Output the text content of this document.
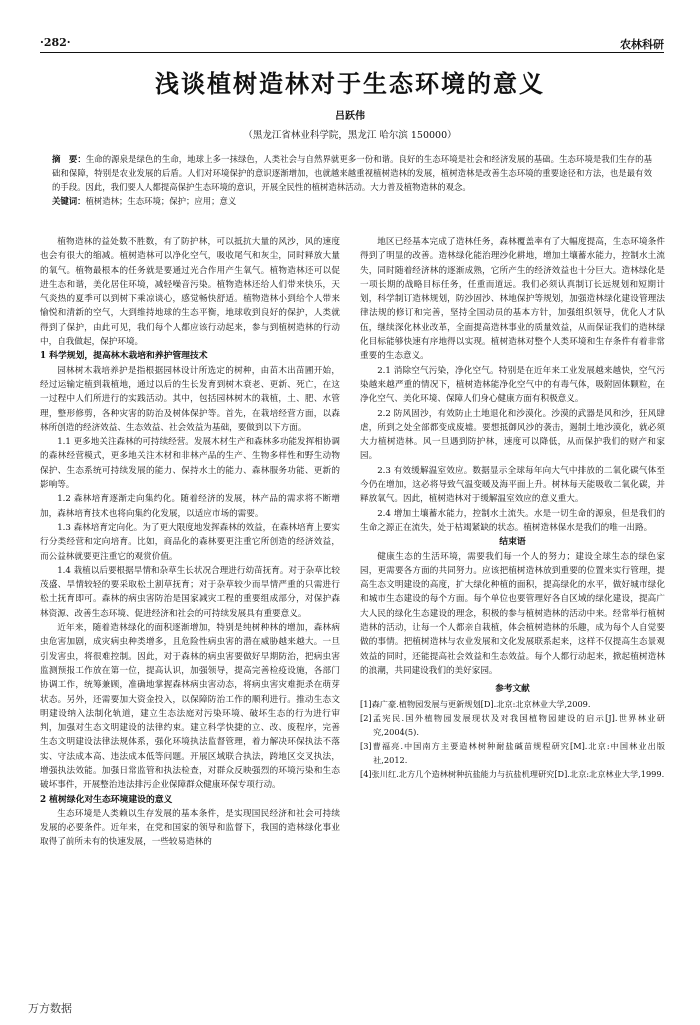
·282·	农林科研
浅谈植树造林对于生态环境的意义
吕跃伟
（黑龙江省林业科学院，黑龙江 哈尔滨 150000）
摘　要：生命的源泉是绿色的生命，地球上多一抹绿色，人类社会与自然界就更多一份和谐。良好的生态环境是社会和经济发展的基础。生态环境是我们生存的基础和保障，特别是农业发展的后盾。人们对环境保护的意识逐渐增加，也就越来越重视植树造林的发展，植树造林是改善生态环境的重要途径和方法，也是最有效的手段。因此，我们要人人都提高保护生态环境的意识，开展全民性的植树造林活动。大力普及植物造林的观念。
关键词：植树造林；生态环境；保护；应用；意义

植物造林的益处数不胜数，有了防护林，可以抵抗大量的风沙，风的速度也会有很大的缩减。植树造林可以净化空气，吸收尾气和灰尘，同时释放大量的氧气。植物最根本的任务就是要通过光合作用产生氧气。植物造林还可以促进生态和谐，美化居住环境，减轻噪音污染。植物造林还给人们带来快乐，天气炎热的夏季可以到树下乘凉谈心，感觉畅快舒适。植物造林小到给个人带来愉悦和清新的空气，大到维持地球的生态平衡，地球收到良好的保护，人类就得到了保护，由此可见，我们每个人都应该行动起来，参与到植树造林的行动中，自我做起，保护环境。

1 科学规划，提高林木栽培和养护管理技术

园林树木栽培养护是指根据园林设计所选定的树种，由苗木出苗圃开始，经过运输定植到栽植地，通过以后的生长发育到树木衰老、更新、死亡，在这一过程中人们所进行的实践活动。其中，包括园林树木的栽植，土、肥、水管理，整形修剪，各种灾害的防治及树体保护等。首先，在栽培经营方面，以森林所创造的经济效益、生态效益、社会效益为基础，要做到以下方面。

1.1 更多地关注森林的可持续经营。发展木材生产和森林多功能发挥相协调的森林经营模式，更多地关注木材和非林产品的生产、生物多样性和野生动物保护、生态系统可持续发展的能力、保持水土的能力、森林服务功能、更新的影响等。
1.2 森林培育逐渐走向集约化。随着经济的发展，林产品的需求将不断增加，森林培育技术也将向集约化发展，以适应市场的需要。
1.3 森林培育定向化。为了更大限度地发挥森林的效益，在森林培育上要实行分类经营和定向培育。比如，商品化的森林要更注重它所创造的经济效益，而公益林就要更注重它的观赏价值。
1.4 栽植以后要根据旱情和杂草生长状况合理进行幼苗抚育。对于杂草比较茂盛、旱情较轻的要采取松土割草抚育；对于杂草较少而旱情严重的只需进行松土抚育即可。森林的病虫害防治是国家减灾工程的重要组成部分，对保护森林资源、改善生态环境、促进经济和社会的可持续发展具有重要意义。

近年来，随着造林绿化的面积逐渐增加，特别是纯树种林的增加，森林病虫危害加剧，成灾病虫种类增多，且危险性病虫害的潜在威胁越来越大。一旦引发害虫，将很难控制。因此，对于森林的病虫害要做好早期防治，把病虫害监测预报工作放在第一位，提高认识，加强领导，提高完善检疫设施，各部门协调工作，统筹兼顾，准确地掌握森林病虫害动态，将病虫害灾难扼杀在萌芽状态。另外，还需要加大资金投入，以保障防治工作的顺利进行。推动生态文明建设纳入法制化轨道，建立生态法庭对污染环境、破坏生态的行为进行审判，加强对生态文明建设的法律约束。建立科学快捷的立、改、废程序，完善生态文明建设法律法规体系，强化环境执法监督管理，着力解决环保执法不落实、守法成本高、违法成本低等问题。开展区域联合执法，跨地区交叉执法，增强执法效能。加强日常监管和执法检查，对群众反映强烈的环境污染和生态破坏事件，开展整治违法排污企业保障群众健康环保专项行动。

2 植树绿化对生态环境建设的意义

生态环境是人类赖以生存发展的基本条件，是实现国民经济和社会可持续发展的必要条件。近年来，在党和国家的领导和监督下，我国的造林绿化事业取得了前所未有的快速发展，一些较易造林的

地区已经基本完成了造林任务，森林覆盖率有了大幅度提高，生态环境条件得到了明显的改善。造林绿化能治理沙化耕地，增加土壤蓄水能力，控制水土流失，同时随着经济林的逐渐成熟，它所产生的经济效益也十分巨大。造林绿化是一项长期的战略目标任务，任重而道远。我们必须认真制订长远规划和短期计划，科学制订造林规划，防沙固沙、林地保护等规划，加强造林绿化建设管理法律法规的修订和完善，坚持全国动员的基本方针，加强组织领导，优化人才队伍，继续深化林业改革，全面提高造林事业的质量效益，从而保证我们的造林绿化目标能够快速有序地得以实现。植树造林对整个人类环境和生存条件有着非常重要的生态意义。

2.1 消除空气污染，净化空气。特别是在近年来工业发展越来越快，空气污染越来越严重的情况下，植树造林能净化空气中的有毒气体，吸附固体颗粒，在净化空气、美化环境、保障人们身心健康方面有积极意义。
2.2 防风固沙，有效防止土地退化和沙漠化。沙漠的武器是风和沙，狂风肆虐，所到之处全部都变成废墟。要想抵御风沙的袭击，遏制土地沙漠化，就必须大力植树造林。风一旦遇到防护林，速度可以降低，从而保护我们的财产和家园。
2.3 有效缓解温室效应。数据显示全球每年向大气中排放的二氧化碳气体至今仍在增加，这必将导致气温变暖及海平面上升。树林每天能吸收二氧化碳，并释放氧气。因此，植树造林对于缓解温室效应的意义重大。
2.4 增加土壤蓄水能力，控制水土流失。水是一切生命的源泉，但是我们的生命之源正在流失，处于枯竭紧缺的状态。植树造林保水是我们的唯一出路。
结束语

健康生态的生活环境，需要我们每一个人的努力；建设全球生态的绿色家园，更需要各方面的共同努力。应该把植树造林放到重要的位置来实行管理，提高生态文明建设的高度，扩大绿化种植的面积，提高绿化的水平，做好城市绿化和城市生态建设的每个方面。每个单位也要管理好各自区域的绿化建设，提高广大人民的绿化生态建设的理念，积极的参与植树造林的活动中来。经常举行植树造林的活动，让每一个人都亲自栽植，体会植树造林的乐趣，成为每个人自觉要做的事情。把植树造林与农业发展和文化发展联系起来，这样不仅提高生态景观效益的同时，还能提高社会效益和生态效益。每个人都行动起来，掀起植树造林的浪潮，共同建设我们的美好家园。

参考文献
[1]森广豪.植物园发展与更新规划[D].北京:北京林业大学,2009.
[2]孟宪民.国外植物园发展现状及对我国植物园建设的启示[J].世界林业研究,2004(5).
[3]曹福亮.中国南方主要造林树种耐盐碱苗规程研究[M].北京:中国林业出版社,2012.
[4]张川红.北方几个造林树种抗盐能力与抗盐机理研究[D].北京:北京林业大学,1999.
万方数据
